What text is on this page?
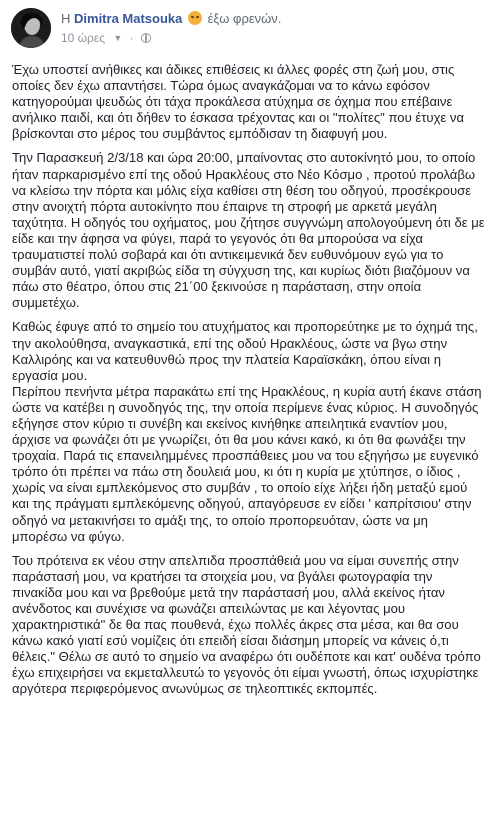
Η Dimitra Matsouka έξω φρενών.
10 ώρες ▼ ·

Έχω υποστεί ανήθικες και άδικες επιθέσεις κι άλλες φορές στη ζωή μου, στις οποίες δεν έχω απαντήσει. Τώρα όμως αναγκάζομαι να το κάνω εφόσον κατηγορούμαι ψευδώς ότι τάχα προκάλεσα ατύχημα σε όχημα που επέβαινε ανήλικο παιδί, και ότι δήθεν το έσκασα τρέχοντας και οι "πολίτες" που έτυχε να βρίσκονται στο μέρος του συμβάντος εμπόδισαν τη διαφυγή μου.

Την Παρασκευή 2/3/18 και ώρα 20:00, μπαίνοντας στο αυτοκίνητό μου, το οποίο ήταν παρκαρισμένο επί της οδού Ηρακλέους στο Νέο Κόσμο , προτού προλάβω να κλείσω την πόρτα και μόλις είχα καθίσει στη θέση του οδηγού, προσέκρουσε στην ανοιχτή πόρτα αυτοκίνητο που έπαιρνε τη στροφή με αρκετά μεγάλη ταχύτητα. Η οδηγός του οχήματος, μου ζήτησε συγγνώμη απολογούμενη ότι δε με είδε και την άφησα να φύγει, παρά το γεγονός ότι θα μπορούσα να είχα τραυματιστεί πολύ σοβαρά και ότι αντικειμενικά δεν ευθυνόμουν εγώ για το συμβάν αυτό, γιατί ακριβώς είδα τη σύγχυση της, και κυρίως διότι βιαζόμουν να πάω στο θέατρο, όπου στις 21΄00 ξεκινούσε η παράσταση, στην οποία συμμετέχω.

Καθώς έφυγε από το σημείο του ατυχήματος και προπορεύτηκε με το όχημά της, την ακολούθησα, αναγκαστικά, επί της οδού Ηρακλέους, ώστε να βγω στην Καλλιρόης και να κατευθυνθώ προς την πλατεία Καραϊσκάκη, όπου είναι η εργασία μου.
Περίπου πενήντα μέτρα παρακάτω επί της Ηρακλέους, η κυρία αυτή έκανε στάση ώστε να κατέβει η συνοδηγός της, την οποία περίμενε ένας κύριος. Η συνοδηγός εξήγησε στον κύριο τι συνέβη και εκείνος κινήθηκε απειλητικά εναντίον μου, άρχισε να φωνάζει ότι με γνωρίζει, ότι θα μου κάνει κακό, κι ότι θα φωνάξει την τροχαία. Παρά τις επανειλημμένες προσπάθειες μου να του εξηγήσω με ευγενικό τρόπο ότι πρέπει να πάω στη δουλειά μου, κι ότι η κυρία με χτύπησε, ο ίδιος , χωρίς να είναι εμπλεκόμενος στο συμβάν , το οποίο είχε λήξει ήδη μεταξύ εμού και της πράγματι εμπλεκόμενης οδηγού, απαγόρευσε εν είδει ' καπρίτσιου' στην οδηγό να μετακινήσει το αμάξι της, το οποίο προπορευόταν, ώστε να μη μπορέσω να φύγω.

Του πρότεινα εκ νέου στην απελπιδα προσπάθειά μου να είμαι συνεπής στην παράστασή μου, να κρατήσει τα στοιχεία μου, να βγάλει φωτογραφία την πινακίδα μου και να βρεθούμε μετά την παράστασή μου, αλλά εκείνος ήταν ανένδοτος και συνέχισε να φωνάζει απειλώντας με και λέγοντας μου χαρακτηριστικά" δε θα πας πουθενά, έχω πολλές άκρες στα μέσα, και θα σου κάνω κακό γιατί εσύ νομίζεις ότι επειδή είσαι διάσημη μπορείς να κάνεις ό,τι θέλεις." Θέλω σε αυτό το σημείο να αναφέρω ότι ουδέποτε και κατ' ουδένα τρόπο έχω επιχειρήσει να εκμεταλλευτώ το γεγονός ότι είμαι γνωστή, όπως ισχυρίστηκε αργότερα περιφερόμενος ανωνύμως σε τηλεοπτικές εκπομπές.
